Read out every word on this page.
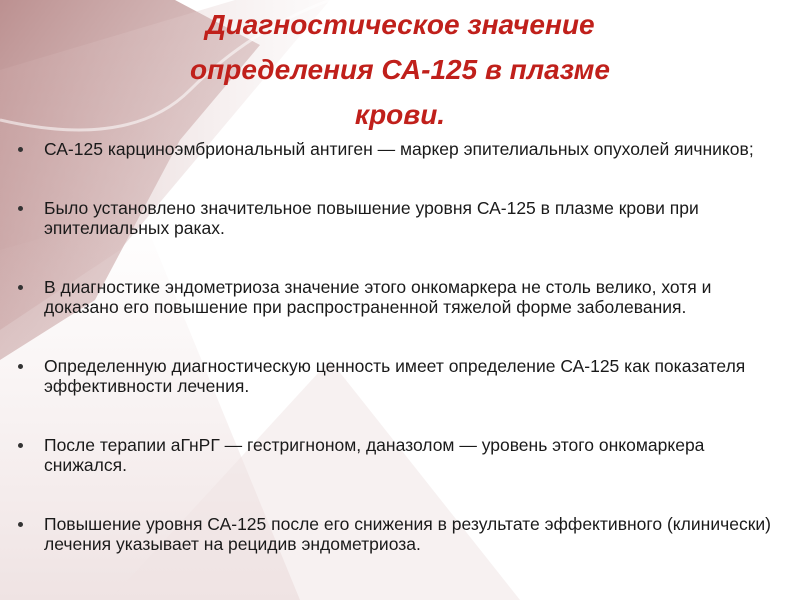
Диагностическое значение
определения СА-125 в плазме
крови.
СА-125 карциноэмбриональный антиген — маркер эпителиальных опухолей яичников;
Было установлено значительное повышение уровня СА-125 в плазме крови при эпителиальных раках.
В диагностике эндометриоза значение этого онкомаркера не столь велико, хотя и доказано его повышение при распространенной тяжелой форме заболевания.
Определенную диагностическую ценность имеет определение СА-125 как показателя эффективности лечения.
После терапии аГнРГ — гестригноном, даназолом — уровень этого онкомаркера снижался.
Повышение уровня СА-125 после его снижения в результате эффективного (клинически) лечения указывает на рецидив эндометриоза.
